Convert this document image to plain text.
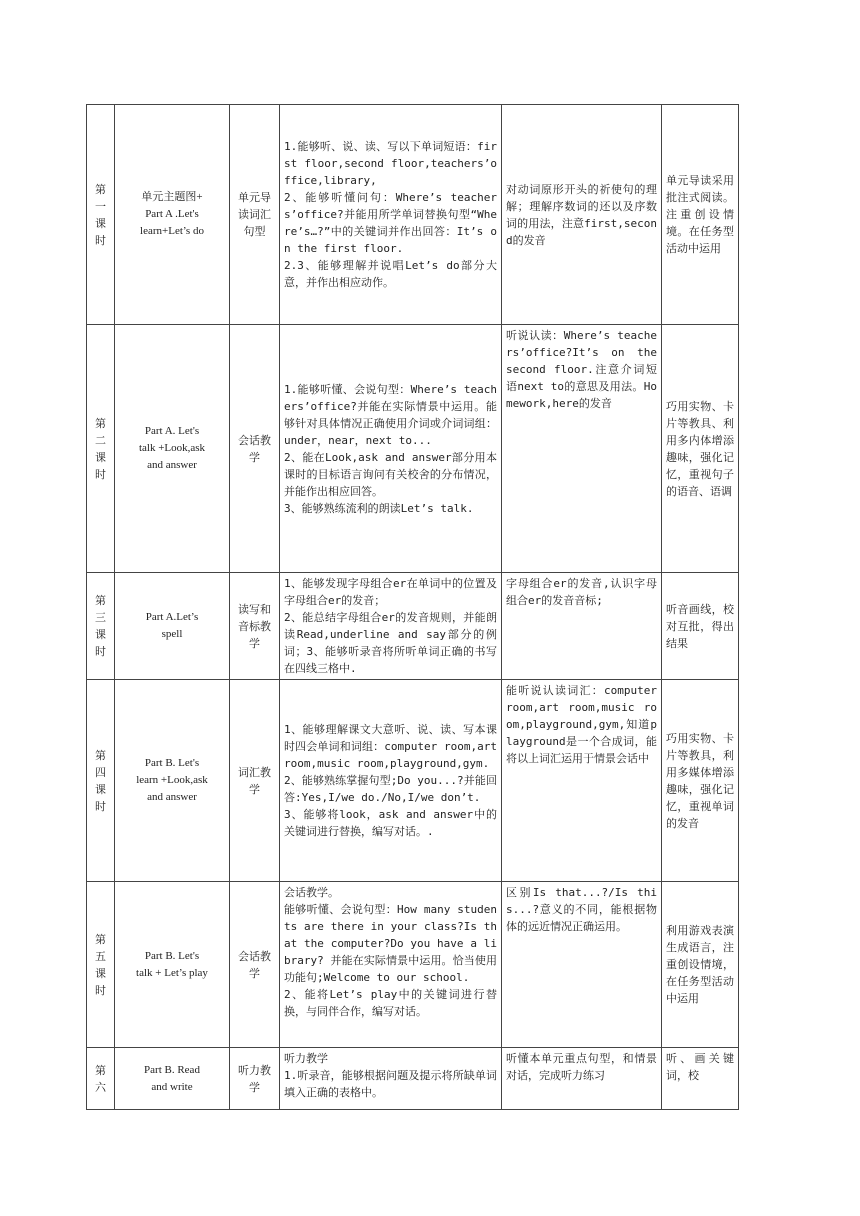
第一课时	单元主题图+
Part A .Let's
learn+Let’s do	单元导读词汇句型	1.能够听、说、读、写以下单词短语：first floor,second floor,teachers’office,library,
2、能够听懂问句：Where’s teachers’office?并能用所学单词替换句型“Where’s…?”中的关键词并作出回答：It’s on the first floor.
2.3、能够理解并说唱Let’s do部分大意，并作出相应动作。	对动词原形开头的祈使句的理解；理解序数词的还以及序数词的用法，注意first,second的发音	单元导读采用批注式阅读。注重创设情境。在任务型活动中运用
第二课时	Part A. Let's
talk +Look,ask
and answer	会话教学	1.能够听懂、会说句型：Where’s teachers’office?并能在实际情景中运用。能够针对具体情况正确使用介词或介词词组：under，near，next to...
2、能在Look,ask and answer部分用本课时的目标语言询问有关校舍的分布情况，并能作出相应回答。
3、能够熟练流利的朗读Let’s talk.	听说认读：Where’s teachers’office?It’s on the second floor.注意介词短语next to的意思及用法。Homework,here的发音	巧用实物、卡片等教具、利用多内体增添趣味，强化记忆，重视句子的语音、语调
第三课时	Part A.Let’s
spell	读写和音标教学	1、能够发现字母组合er在单词中的位置及字母组合er的发音；
2、能总结字母组合er的发音规则，并能朗读Read,underline and say部分的例词；3、能够听录音将所听单词正确的书写在四线三格中.	字母组合er的发音,认识字母组合er的发音音标;	听音画线，校对互批，得出结果
第四课时	Part B. Let's
learn +Look,ask
and answer	词汇教学	1、能够理解课文大意听、说、读、写本课时四会单词和词组：computer room,art room,music room,playground,gym.
2、能够熟练掌握句型;Do you...?并能回答:Yes,I/we do./No,I/we don’t.
3、能够将look，ask and answer中的关键词进行替换，编写对话。.	能听说认读词汇：computer room,art room,music room,playground,gym,知道playground是一个合成词，能将以上词汇运用于情景会话中	巧用实物、卡片等教具，利用多媒体增添趣味，强化记忆，重视单词的发音
第五课时	Part B. Let's
talk + Let’s play	会话教学	会话教学。
能够听懂、会说句型：How many students are there in your class?Is that the computer?Do you have a library? 并能在实际情景中运用。恰当使用功能句;Welcome to our school.
2、能将Let’s play中的关键词进行替换，与同伴合作，编写对话。	区别Is that...?/Is this...?意义的不同，能根据物体的远近情况正确运用。	利用游戏表演生成语言，注重创设情境，在任务型活动中运用
第六	Part B. Read
and write	听力教学	听力教学
1.听录音，能够根据问题及提示将所缺单词填入正确的表格中。	听懂本单元重点句型，和情景对话，完成听力练习	听、画关键词，校
